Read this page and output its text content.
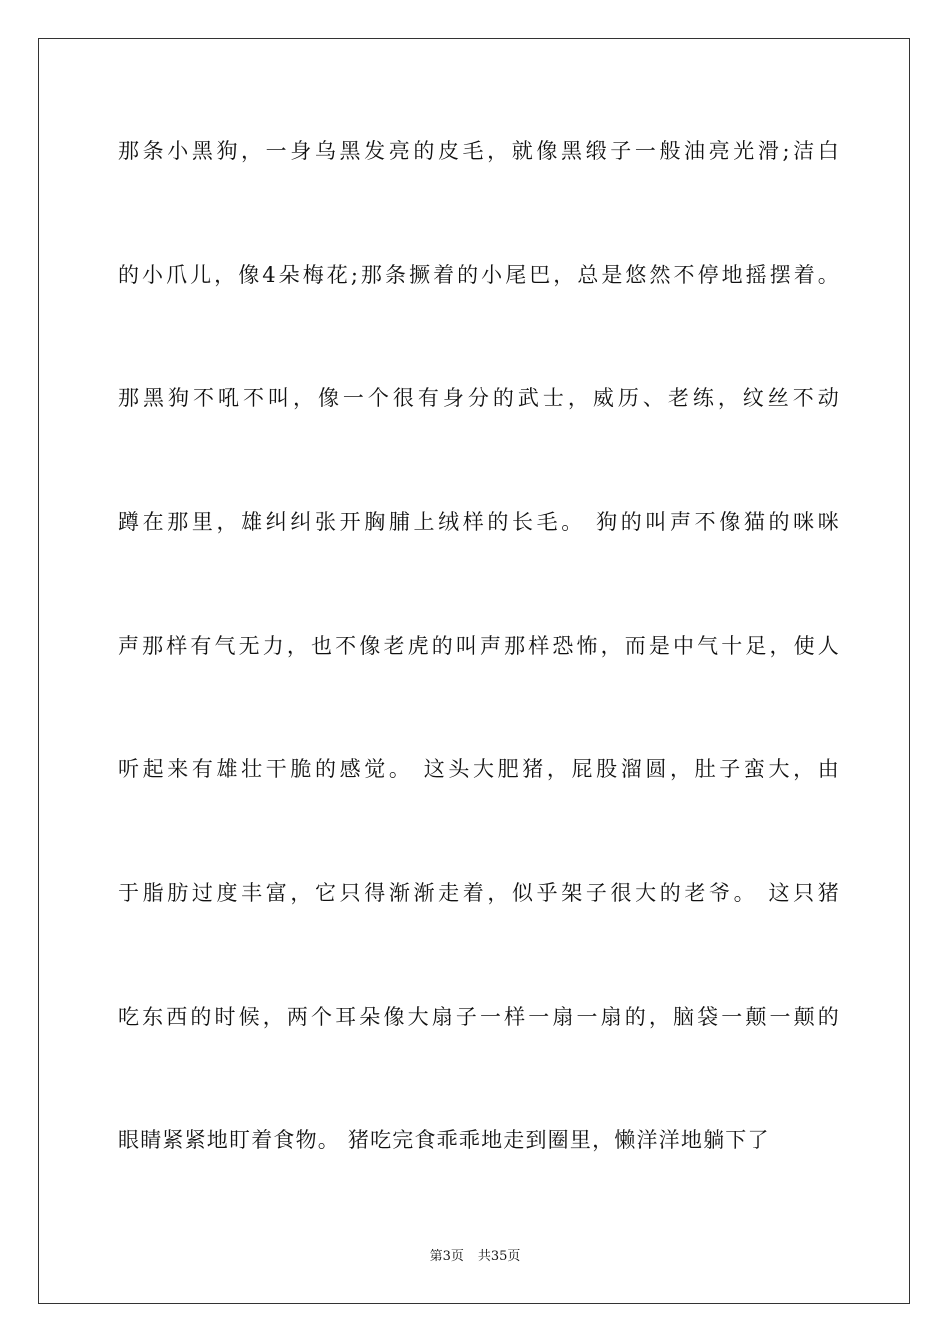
那条小黑狗，一身乌黑发亮的皮毛，就像黑缎子一般油亮光滑;洁白
的小爪儿，像4朵梅花;那条撅着的小尾巴，总是悠然不停地摇摆着。
那黑狗不吼不叫，像一个很有身分的武士，威历、老练，纹丝不动
蹲在那里，雄纠纠张开胸脯上绒样的长毛。 狗的叫声不像猫的咪咪
声那样有气无力，也不像老虎的叫声那样恐怖，而是中气十足，使人
听起来有雄壮干脆的感觉。 这头大肥猪，屁股溜圆，肚子蛮大，由
于脂肪过度丰富，它只得渐渐走着，似乎架子很大的老爷。 这只猪
吃东西的时候，两个耳朵像大扇子一样一扇一扇的，脑袋一颠一颠的
眼睛紧紧地盯着食物。 猪吃完食乖乖地走到圈里，懒洋洋地躺下了
第3页 共35页
